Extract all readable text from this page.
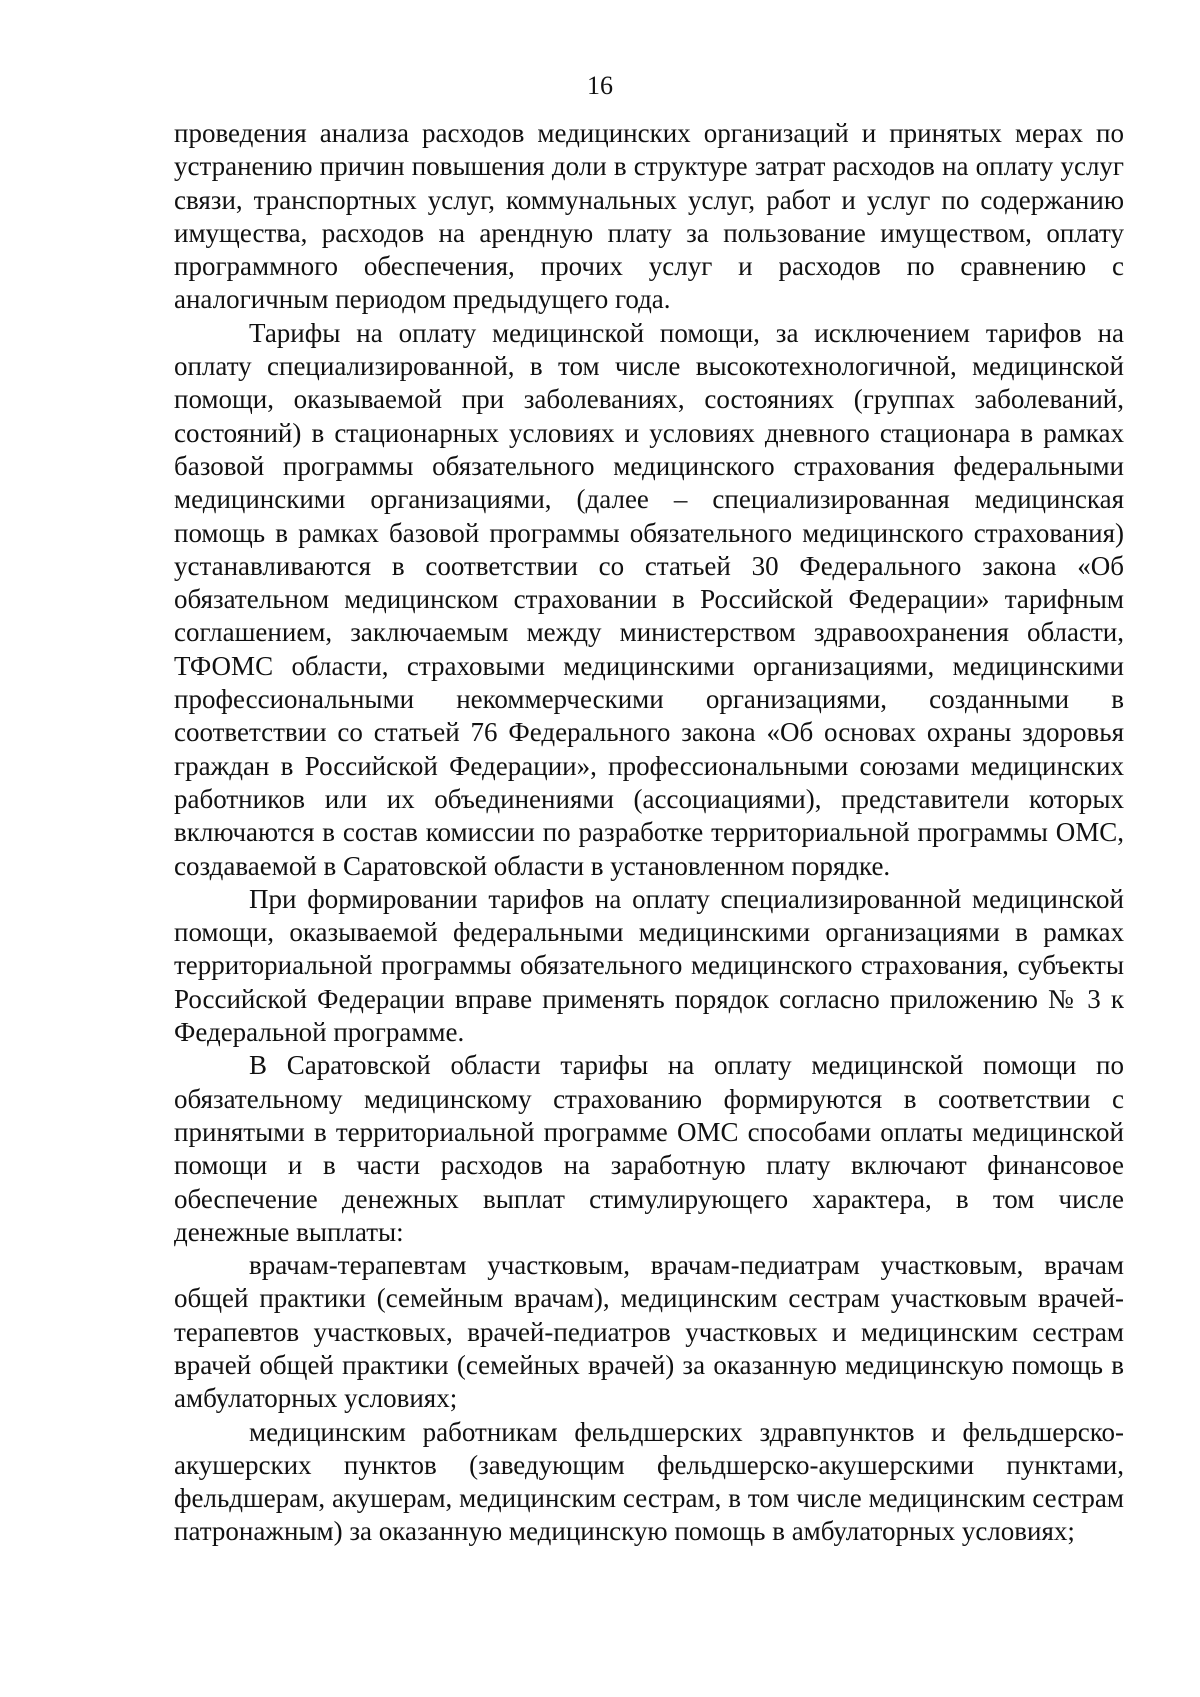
16

проведения анализа расходов медицинских организаций и принятых мерах по устранению причин повышения доли в структуре затрат расходов на оплату услуг связи, транспортных услуг, коммунальных услуг, работ и услуг по содержанию имущества, расходов на арендную плату за пользование имуществом, оплату программного обеспечения, прочих услуг и расходов по сравнению с аналогичным периодом предыдущего года.

Тарифы на оплату медицинской помощи, за исключением тарифов на оплату специализированной, в том числе высокотехнологичной, медицинской помощи, оказываемой при заболеваниях, состояниях (группах заболеваний, состояний) в стационарных условиях и условиях дневного стационара в рамках базовой программы обязательного медицинского страхования федеральными медицинскими организациями, (далее – специализированная медицинская помощь в рамках базовой программы обязательного медицинского страхования) устанавливаются в соответствии со статьей 30 Федерального закона «Об обязательном медицинском страховании в Российской Федерации» тарифным соглашением, заключаемым между министерством здравоохранения области, ТФОМС области, страховыми медицинскими организациями, медицинскими профессиональными некоммерческими организациями, созданными в соответствии со статьей 76 Федерального закона «Об основах охраны здоровья граждан в Российской Федерации», профессиональными союзами медицинских работников или их объединениями (ассоциациями), представители которых включаются в состав комиссии по разработке территориальной программы ОМС, создаваемой в Саратовской области в установленном порядке.

При формировании тарифов на оплату специализированной медицинской помощи, оказываемой федеральными медицинскими организациями в рамках территориальной программы обязательного медицинского страхования, субъекты Российской Федерации вправе применять порядок согласно приложению № 3 к Федеральной программе.

В Саратовской области тарифы на оплату медицинской помощи по обязательному медицинскому страхованию формируются в соответствии с принятыми в территориальной программе ОМС способами оплаты медицинской помощи и в части расходов на заработную плату включают финансовое обеспечение денежных выплат стимулирующего характера, в том числе денежные выплаты:

врачам-терапевтам участковым, врачам-педиатрам участковым, врачам общей практики (семейным врачам), медицинским сестрам участковым врачей-терапевтов участковых, врачей-педиатров участковых и медицинским сестрам врачей общей практики (семейных врачей) за оказанную медицинскую помощь в амбулаторных условиях;

медицинским работникам фельдшерских здравпунктов и фельдшерско-акушерских пунктов (заведующим фельдшерско-акушерскими пунктами, фельдшерам, акушерам, медицинским сестрам, в том числе медицинским сестрам патронажным) за оказанную медицинскую помощь в амбулаторных условиях;
